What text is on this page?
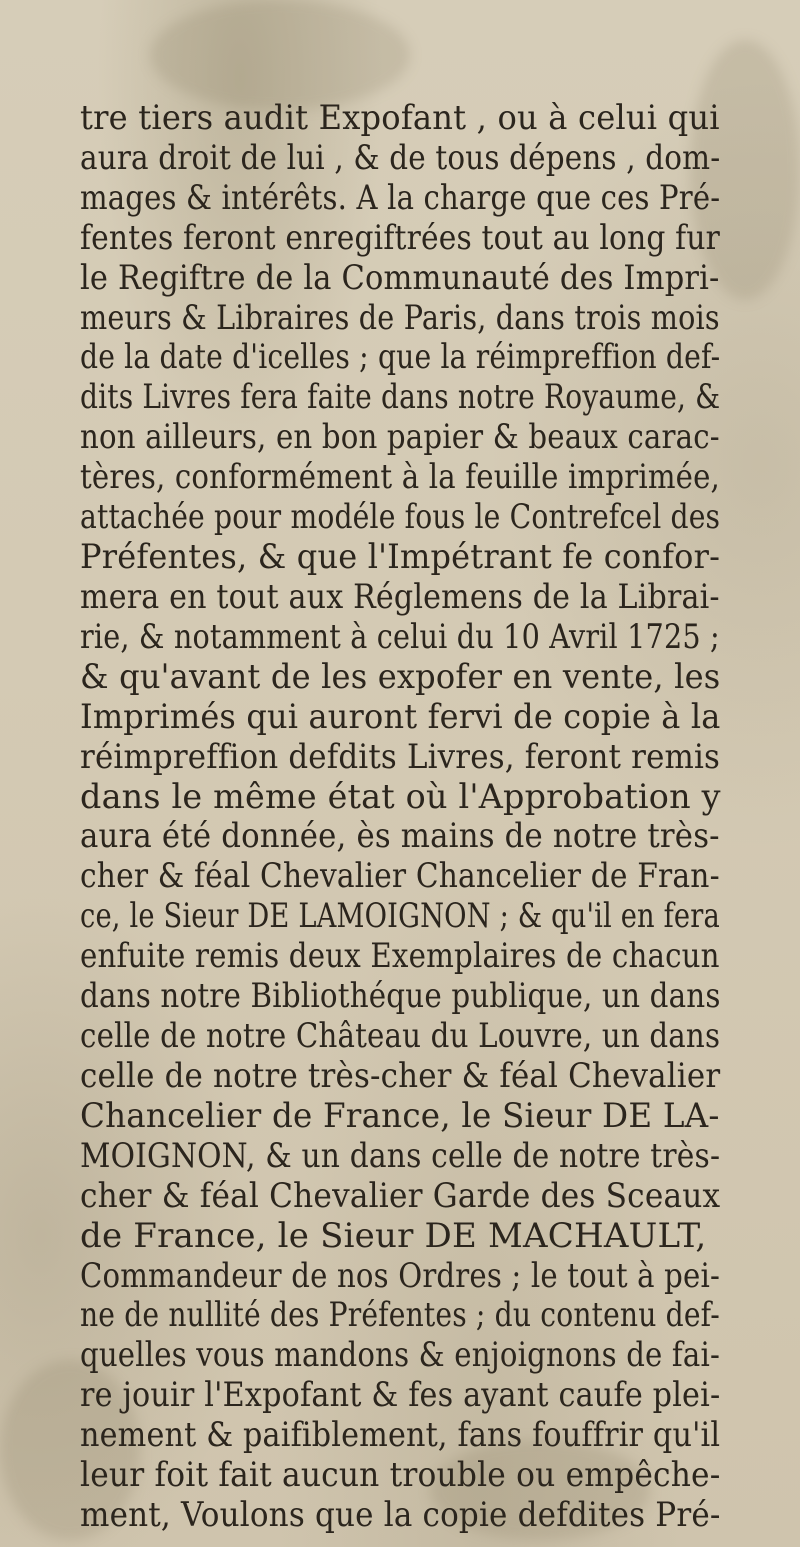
tre tiers audit Expofant , ou à celui qui
aura droit de lui , & de tous dépens , dom-
mages & intérêts. A la charge que ces Pré-
fentes feront enregiftrées tout au long fur
le Regiftre de la Communauté des Impri-
meurs & Libraires de Paris, dans trois mois
de la date d'icelles ; que la réimpreffion def-
dits Livres fera faite dans notre Royaume, &
non ailleurs, en bon papier & beaux carac-
tères, conformément à la feuille imprimée,
attachée pour modéle fous le Contrefcel des
Préfentes, & que l'Impétrant fe confor-
mera en tout aux Réglemens de la Librai-
rie, & notamment à celui du 10 Avril 1725 ;
& qu'avant de les expofer en vente, les
Imprimés qui auront fervi de copie à la
réimpreffion defdits Livres, feront remis
dans le même état où l'Approbation y
aura été donnée, ès mains de notre très-
cher & féal Chevalier Chancelier de Fran-
ce, le Sieur DE LAMOIGNON ; & qu'il en fera
enfuite remis deux Exemplaires de chacun
dans notre Bibliothéque publique, un dans
celle de notre Château du Louvre, un dans
celle de notre très-cher & féal Chevalier
Chancelier de France, le Sieur DE LA-
MOIGNON, & un dans celle de notre très-
cher & féal Chevalier Garde des Sceaux
de France, le Sieur DE MACHAULT,
Commandeur de nos Ordres ; le tout à pei-
ne de nullité des Préfentes ; du contenu def-
quelles vous mandons & enjoignons de fai-
re jouir l'Expofant & fes ayant caufe plei-
nement & paifiblement, fans fouffrir qu'il
leur foit fait aucun trouble ou empêche-
ment, Voulons que la copie defdites Pré-
